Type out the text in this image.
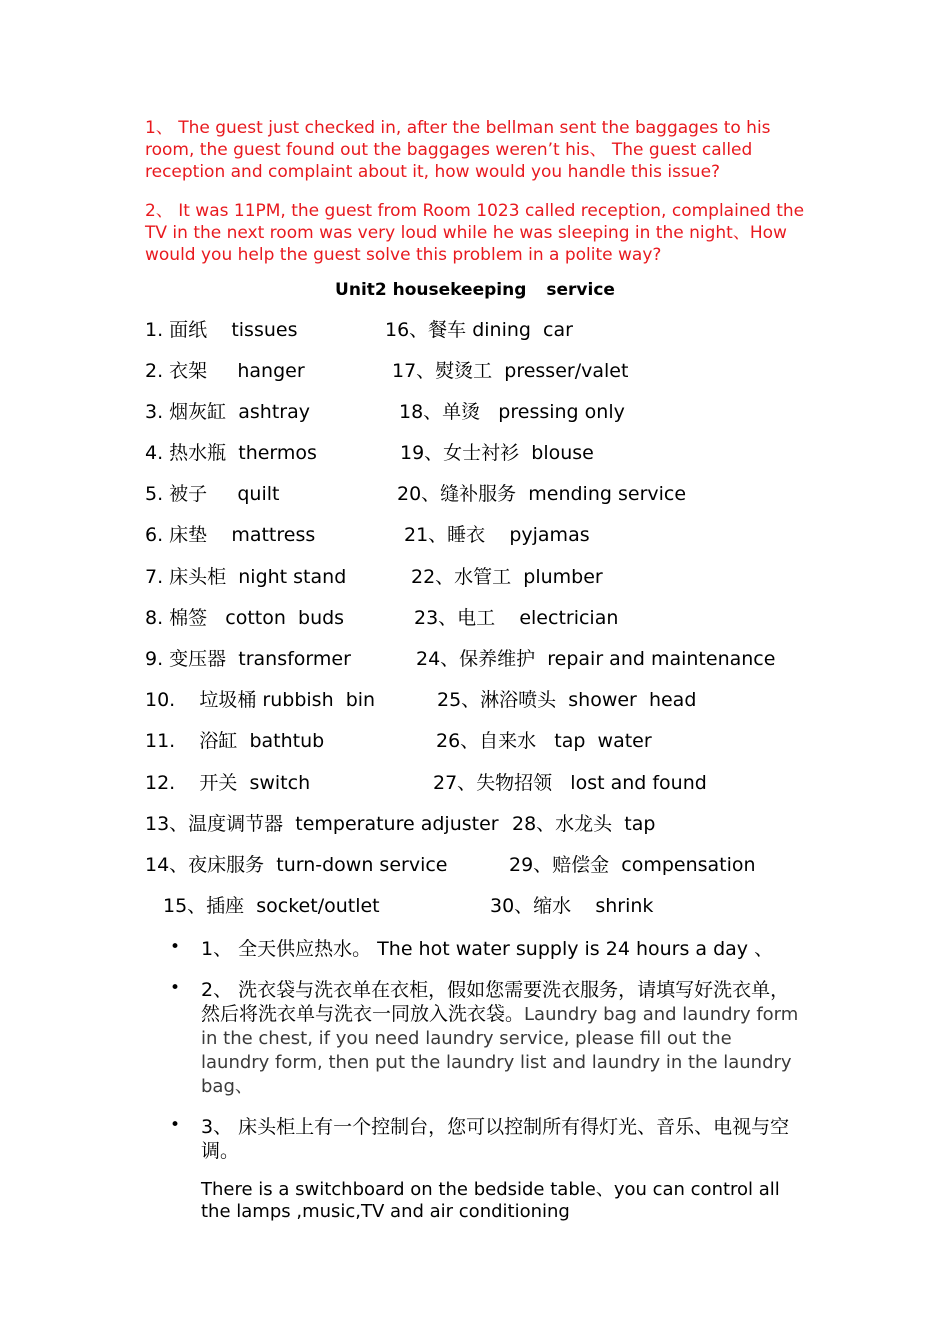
1、 The guest just checked in, after the bellman sent the baggages to his room, the guest found out the baggages weren’t his、 The guest called reception and complaint about it, how would you handle this issue?
2、 It was 11PM, the guest from Room 1023 called reception, complained the TV in the next room was very loud while he was sleeping in the night、How would you help the guest solve this problem in a polite way?
Unit2 housekeeping service
1. 面纸    tissues	16、餐车 dining  car
2. 衣架     hanger	17、熨烫工  presser/valet
3. 烟灰缸  ashtray	18、单烫   pressing only
4. 热水瓶  thermos	19、女士衬衫  blouse
5. 被子     quilt	20、缝补服务  mending service
6. 床垫    mattress	21、睡衣    pyjamas
7. 床头柜  night stand	22、水管工  plumber
8. 棉签   cotton  buds	23、电工    electrician
9. 变压器  transformer	24、保养维护  repair and maintenance
10.    垃圾桶 rubbish  bin	25、淋浴喷头  shower  head
11.    浴缸  bathtub	26、自来水   tap  water
12.    开关  switch	27、失物招领   lost and found
13、温度调节器  temperature adjuster 28、水龙头  tap
14、夜床服务  turn-down service	29、赔偿金  compensation
15、插座  socket/outlet	30、缩水    shrink
• 1、 全天供应热水。 The hot water supply is 24 hours a day 、
• 2、 洗衣袋与洗衣单在衣柜，假如您需要洗衣服务，请填写好洗衣单，然后将洗衣单与洗衣一同放入洗衣袋。Laundry bag and laundry form in the chest, if you need laundry service, please fill out the laundry form, then put the laundry list and laundry in the laundry bag、
• 3、 床头柜上有一个控制台，您可以控制所有得灯光、音乐、电视与空调。
There is a switchboard on the bedside table、you can control all the lamps ,music,TV and air conditioning
